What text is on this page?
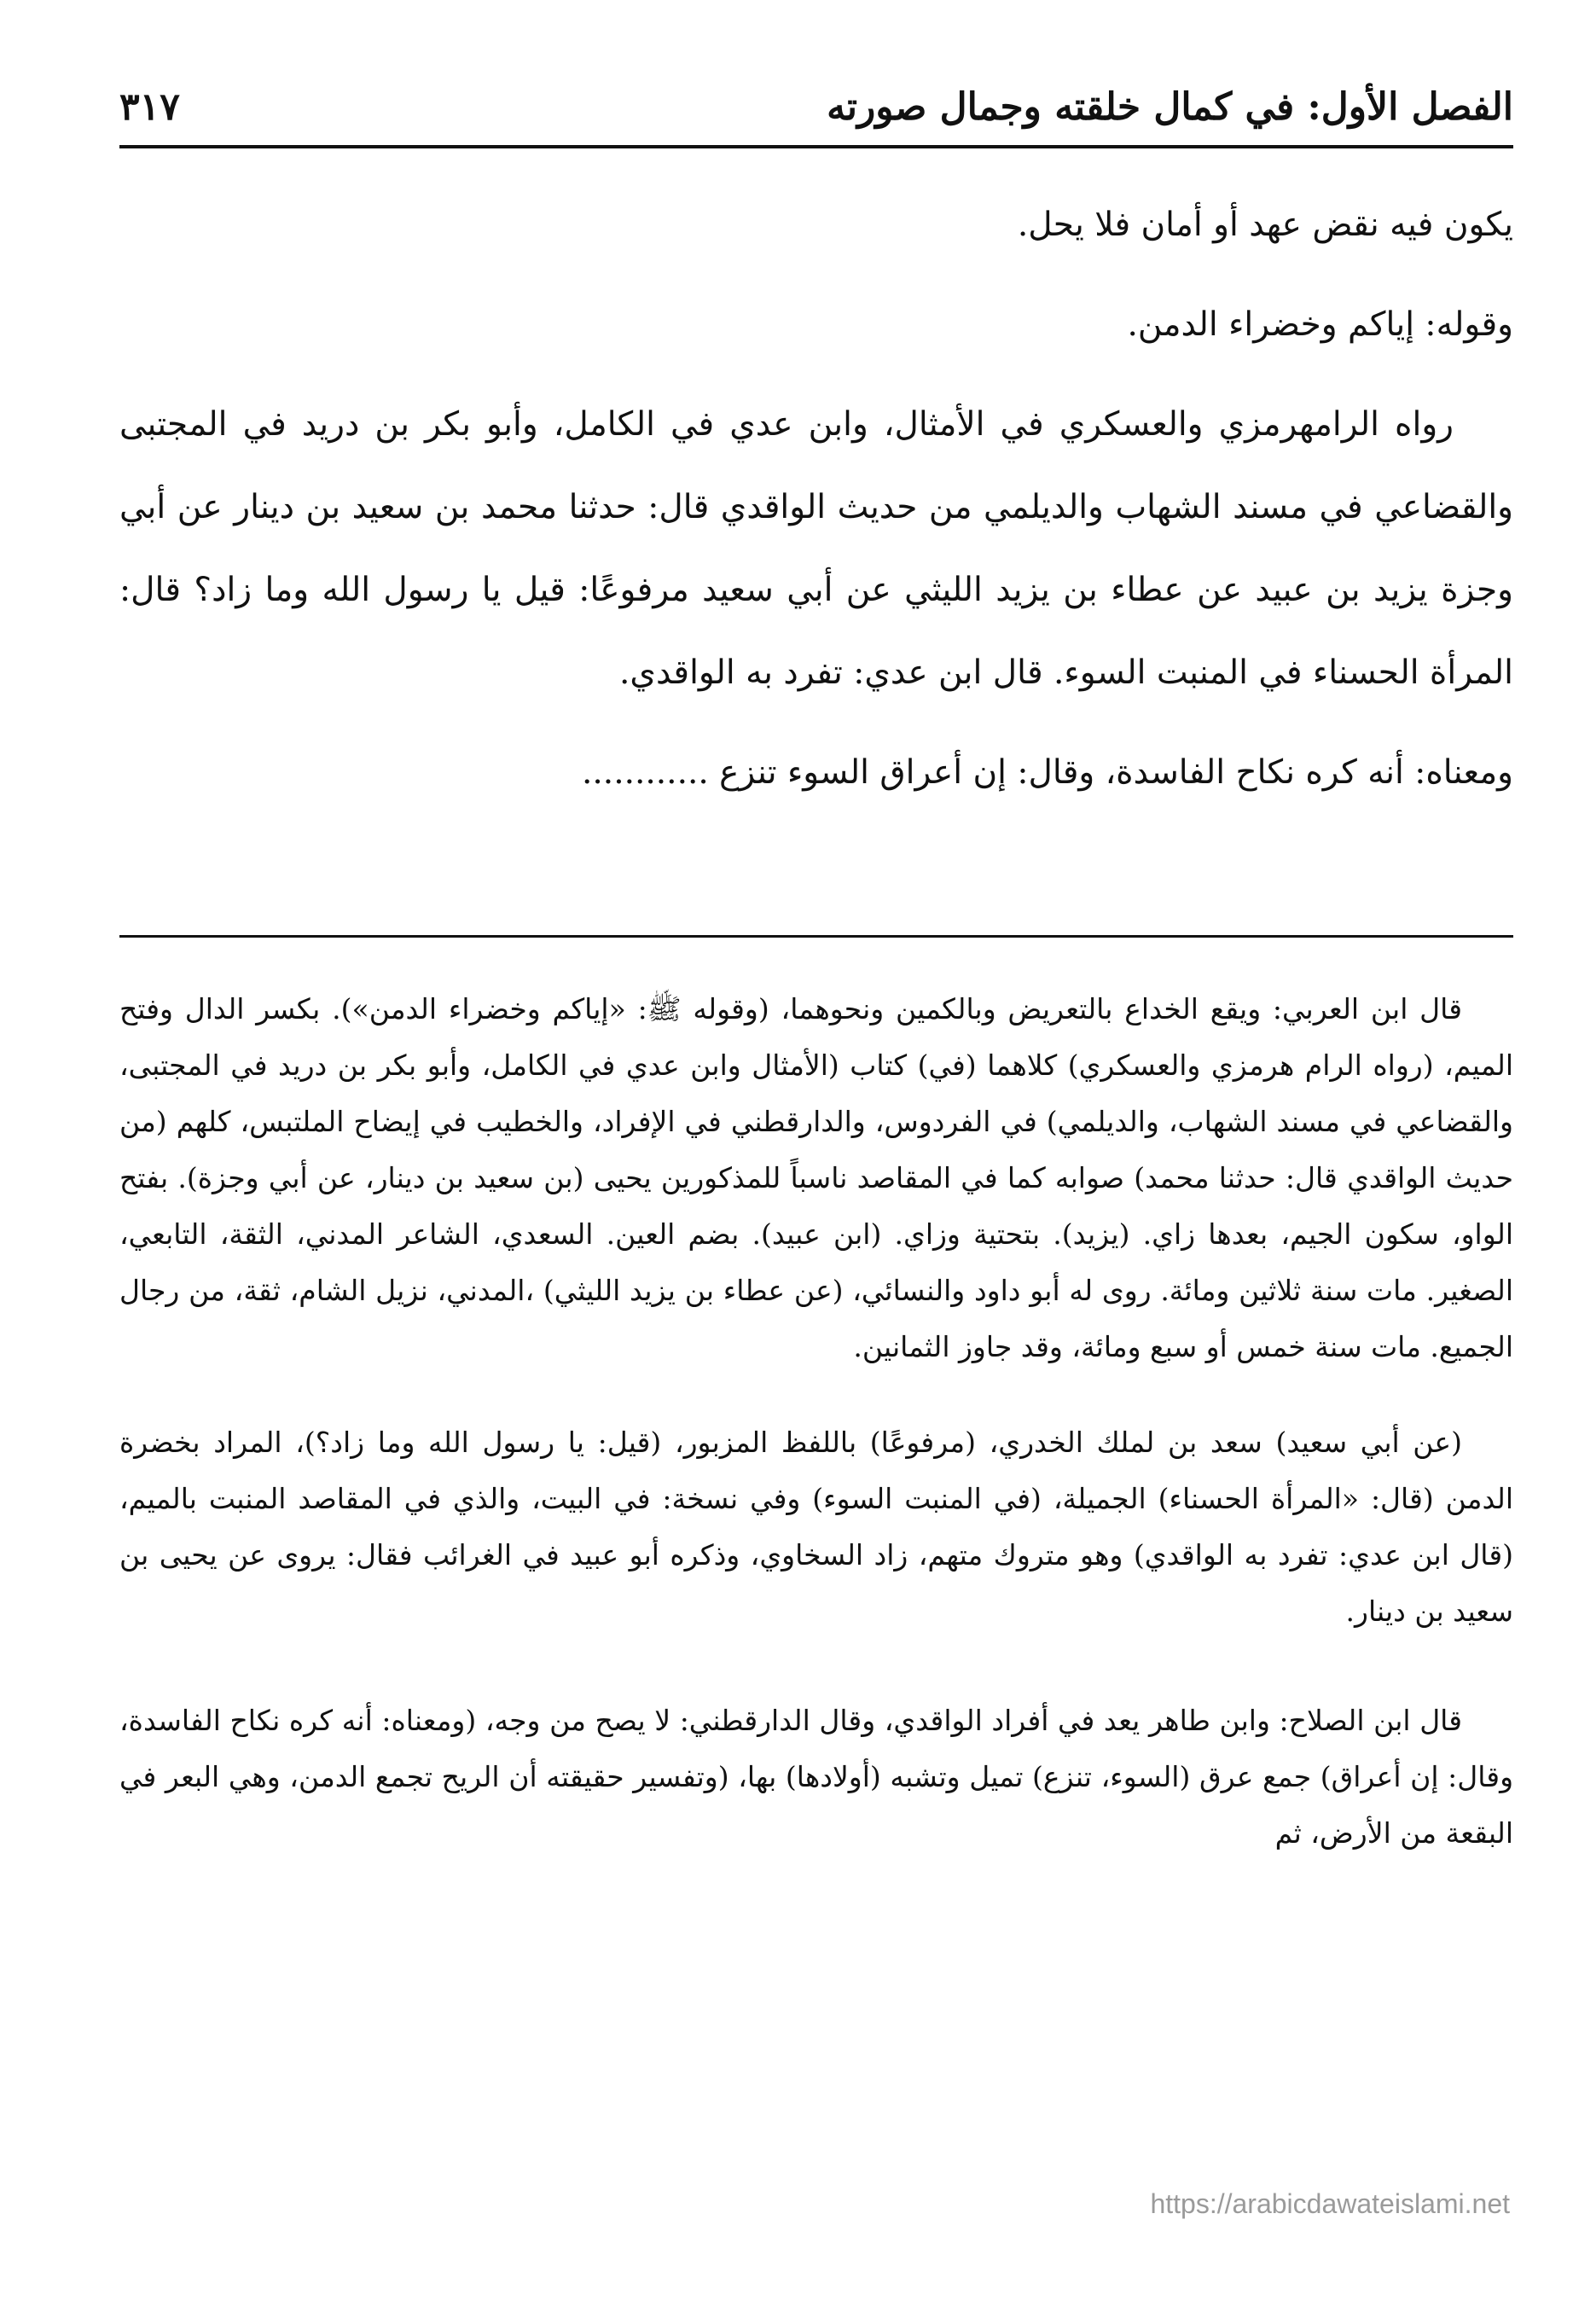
الفصل الأول: في كمال خلقته وجمال صورته
٣١٧

يكون فيه نقض عهد أو أمان فلا يحل.

وقوله: إياكم وخضراء الدمن.

رواه الرامهرمزي والعسكري في الأمثال، وابن عدي في الكامل، وأبو بكر بن دريد في المجتبى والقضاعي في مسند الشهاب والديلمي من حديث الواقدي قال: حدثنا محمد بن سعيد بن دينار عن أبي وجزة يزيد بن عبيد عن عطاء بن يزيد الليثي عن أبي سعيد مرفوعًا: قيل يا رسول الله وما زاد؟ قال: المرأة الحسناء في المنبت السوء. قال ابن عدي: تفرد به الواقدي.

ومعناه: أنه كره نكاح الفاسدة، وقال: إن أعراق السوء تنزع ............

قال ابن العربي: ويقع الخداع بالتعريض وبالكمين ونحوهما، (وقوله ﷺ: «إياكم وخضراء الدمن»). بكسر الدال وفتح الميم، (رواه الرام هرمزي والعسكري) كلاهما (في) كتاب (الأمثال وابن عدي في الكامل، وأبو بكر بن دريد في المجتبى، والقضاعي في مسند الشهاب، والديلمي) في الفردوس، والدارقطني في الإفراد، والخطيب في إيضاح الملتبس، كلهم (من حديث الواقدي قال: حدثنا محمد) صوابه كما في المقاصد ناسباً للمذكورين يحيى (بن سعيد بن دينار، عن أبي وجزة). بفتح الواو، سكون الجيم، بعدها زاي. (يزيد). بتحتية وزاي. (ابن عبيد). بضم العين. السعدي، الشاعر المدني، الثقة، التابعي، الصغير. مات سنة ثلاثين ومائة. روى له أبو داود والنسائي، (عن عطاء بن يزيد الليثي) ،المدني، نزيل الشام، ثقة، من رجال الجميع. مات سنة خمس أو سبع ومائة، وقد جاوز الثمانين.

(عن أبي سعيد) سعد بن لملك الخدري، (مرفوعًا) باللفظ المزبور، (قيل: يا رسول الله وما زاد؟)، المراد بخضرة الدمن (قال: «المرأة الحسناء) الجميلة، (في المنبت السوء) وفي نسخة: في البيت، والذي في المقاصد المنبت بالميم، (قال ابن عدي: تفرد به الواقدي) وهو متروك متهم، زاد السخاوي، وذكره أبو عبيد في الغرائب فقال: يروى عن يحيى بن سعيد بن دينار.

قال ابن الصلاح: وابن طاهر يعد في أفراد الواقدي، وقال الدارقطني: لا يصح من وجه، (ومعناه: أنه كره نكاح الفاسدة، وقال: إن أعراق) جمع عرق (السوء، تنزع) تميل وتشبه (أولادها) بها، (وتفسير حقيقته أن الريح تجمع الدمن، وهي البعر في البقعة من الأرض، ثم

https://arabicdawateislami.net
